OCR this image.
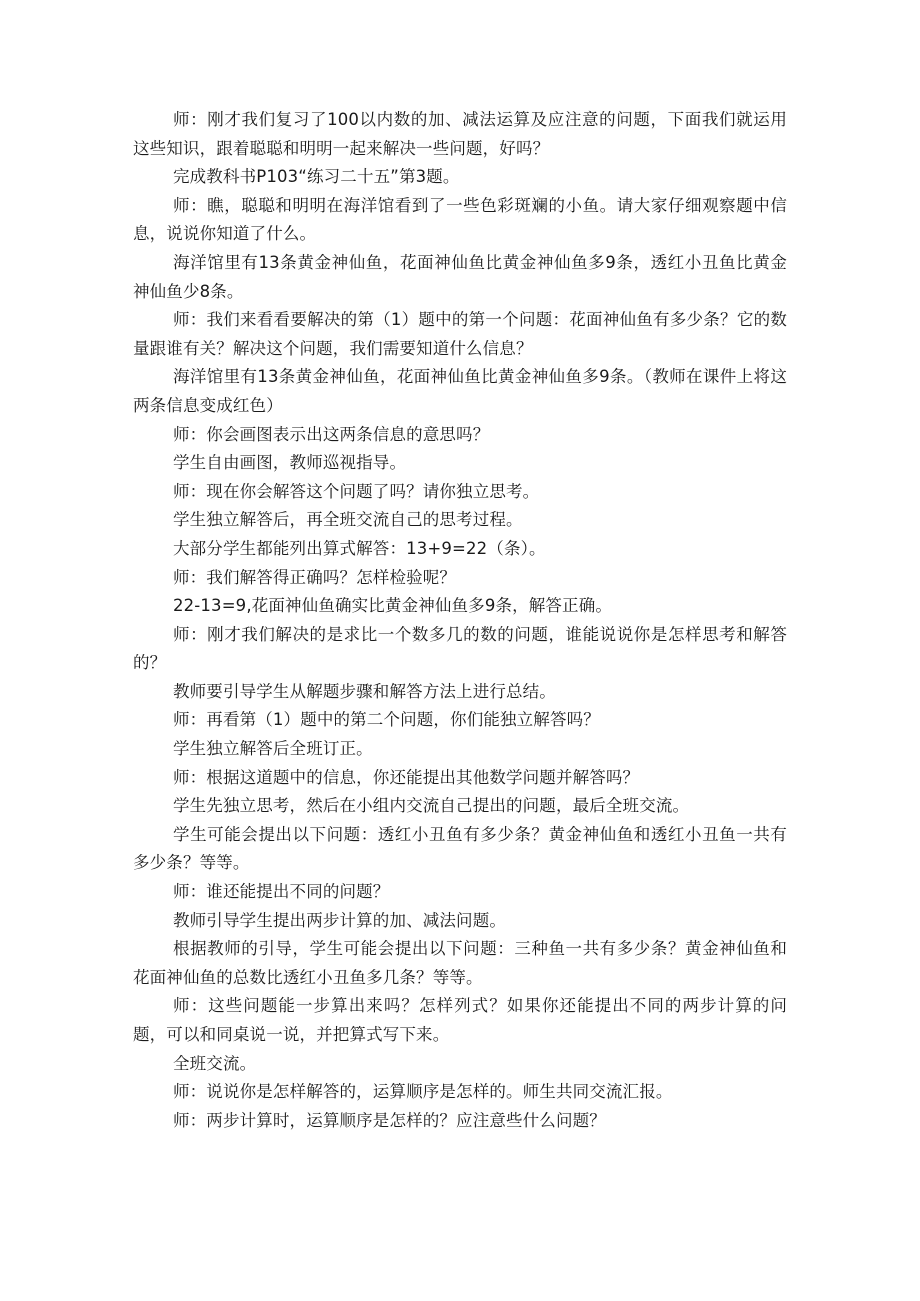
师：刚才我们复习了100以内数的加、减法运算及应注意的问题，下面我们就运用这些知识，跟着聪聪和明明一起来解决一些问题，好吗？

完成教科书P103“练习二十五”第3题。

师：瞧，聪聪和明明在海洋馆看到了一些色彩斑斓的小鱼。请大家仔细观察题中信息，说说你知道了什么。

海洋馆里有13条黄金神仙鱼，花面神仙鱼比黄金神仙鱼多9条，透红小丑鱼比黄金神仙鱼少8条。

师：我们来看看要解决的第（1）题中的第一个问题：花面神仙鱼有多少条？它的数量跟谁有关？解决这个问题，我们需要知道什么信息？

海洋馆里有13条黄金神仙鱼，花面神仙鱼比黄金神仙鱼多9条。（教师在课件上将这两条信息变成红色）

师：你会画图表示出这两条信息的意思吗？

学生自由画图，教师巡视指导。

师：现在你会解答这个问题了吗？请你独立思考。

学生独立解答后，再全班交流自己的思考过程。

大部分学生都能列出算式解答：13+9=22（条）。

师：我们解答得正确吗？怎样检验呢？

22-13=9,花面神仙鱼确实比黄金神仙鱼多9条，解答正确。

师：刚才我们解决的是求比一个数多几的数的问题，谁能说说你是怎样思考和解答的？

教师要引导学生从解题步骤和解答方法上进行总结。

师：再看第（1）题中的第二个问题，你们能独立解答吗？

学生独立解答后全班订正。

师：根据这道题中的信息，你还能提出其他数学问题并解答吗？

学生先独立思考，然后在小组内交流自己提出的问题，最后全班交流。

学生可能会提出以下问题：透红小丑鱼有多少条？黄金神仙鱼和透红小丑鱼一共有多少条？等等。

师：谁还能提出不同的问题？

教师引导学生提出两步计算的加、减法问题。

根据教师的引导，学生可能会提出以下问题：三种鱼一共有多少条？黄金神仙鱼和花面神仙鱼的总数比透红小丑鱼多几条？等等。

师：这些问题能一步算出来吗？怎样列式？如果你还能提出不同的两步计算的问题，可以和同桌说一说，并把算式写下来。

全班交流。

师：说说你是怎样解答的，运算顺序是怎样的。师生共同交流汇报。

师：两步计算时，运算顺序是怎样的？应注意些什么问题？
